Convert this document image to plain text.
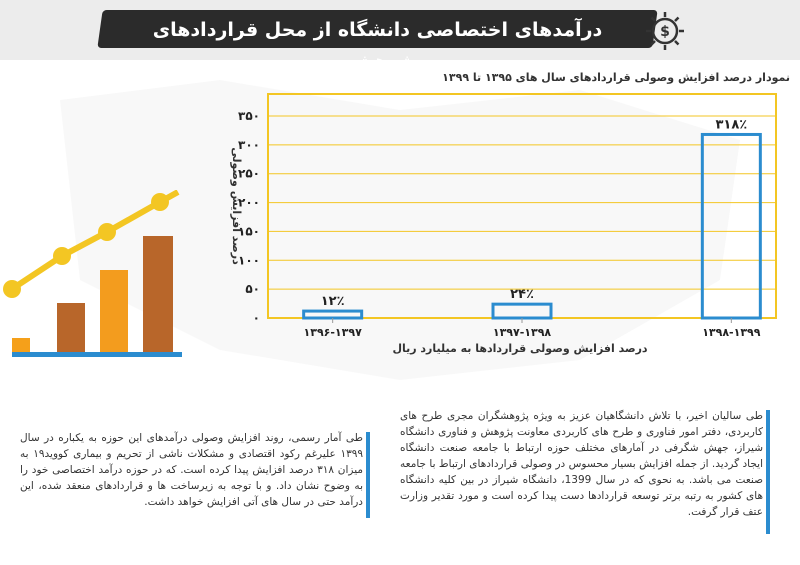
درآمدهای اختصاصی دانشگاه از محل قراردادهای پژوهشی
$
نمودار درصد افزایش وصولی قراردادهای سال های ۱۳۹۵ تا ۱۳۹۹
۰
۵۰
۱۰۰
۱۵۰
۲۰۰
۲۵۰
۳۰۰
۳۵۰
۱۲٪	۲۴٪
۳۱۸٪
۱۳۹۶-۱۳۹۷	۱۳۹۷-۱۳۹۸	۱۳۹۸-۱۳۹۹
درصد افزایش وصولی
درصد افزایش وصولی قراردادها به میلیارد ریال
طی آمار رسمی، روند افزایش وصولی درآمدهای این حوزه به یکباره در سال ۱۳۹۹ علیرغم رکود اقتصادی و مشکلات ناشی از تحریم و بیماری کووید۱۹ به میزان ۳۱۸ درصد افزایش پیدا کرده است. که در حوزه درآمد اختصاصی خود را به وضوح نشان داد. و با توجه به زیرساخت ها و قراردادهای منعقد شده، این درآمد حتی در سال های آتی افزایش خواهد داشت.
طی سالیان اخیر، با تلاش دانشگاهیان عزیز به ویژه پژوهشگران مجری طرح های کاربردی، دفتر امور فناوری و طرح های کاربردی معاونت پژوهش و فناوری دانشگاه شیراز، جهش شگرفی در آمارهای مختلف حوزه ارتباط با جامعه صنعت دانشگاه ایجاد گردید. از جمله افزایش بسیار محسوس در وصولی قراردادهای ارتباط با جامعه صنعت می باشد. به نحوی که در سال 1399، دانشگاه شیراز در بین کلیه دانشگاه های کشور به رتبه برتر توسعه قراردادها دست پیدا کرده است و مورد تقدیر وزارت عتف قرار گرفت.
